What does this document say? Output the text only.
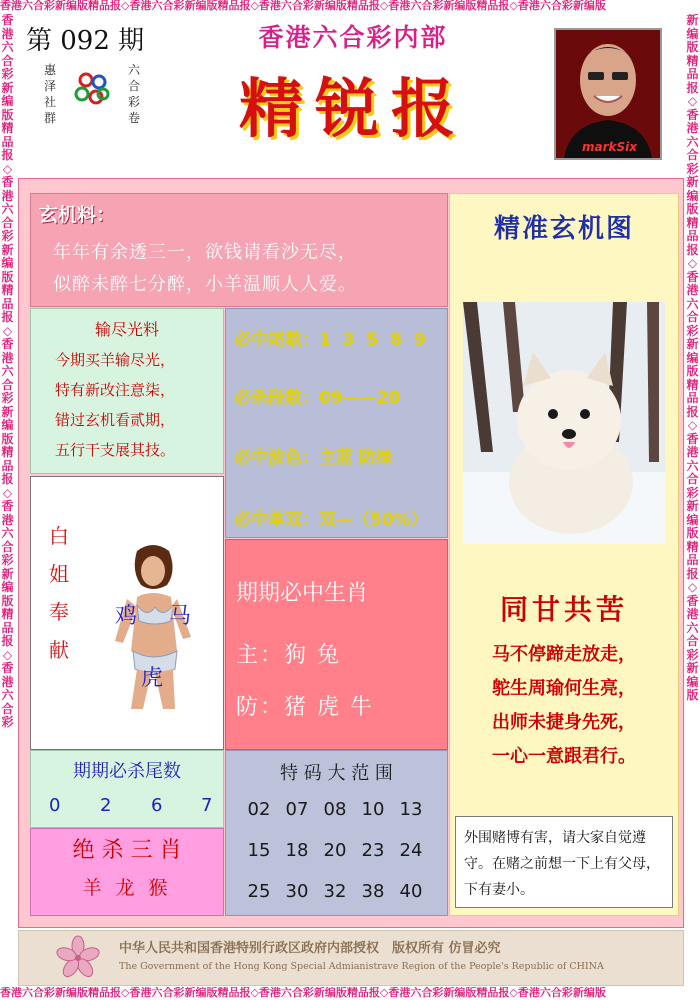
香港六合彩新编版精品报◇香港六合彩新编版精品报◇香港六合彩新编版精品报◇香港六合彩新编版精品报◇香港六合彩新编版
香港六合彩新编版精品报◇香港六合彩新编版精品报◇香港六合彩新编版精品报◇香港六合彩新编版精品报◇香港六合彩新编版
香港六合彩新编版精品报◇香港六合彩新编版精品报◇香港六合彩新编版精品报◇香港六合彩新编版精品报◇香港六合彩
新编版精品报◇香港六合彩新编版精品报◇香港六合彩新编版精品报◇香港六合彩新编版精品报◇香港六合彩新编版
第 092 期
惠泽社群
六合彩卷
香港六合彩内部
精锐报	markSix
玄机料：
年年有余透三一，欲钱请看沙无尽，
似醉未醉七分醉，小羊温顺人人爱。
输尽光料
今期买羊输尽光，
特有新改注意柒，
错过玄机看贰期，
五行干支展其技。
必中尾数：1 3 5 8 9
必杀段数：09——20
必中波色：主蓝 防绿
必中单双：双—（50%）
白姐奉献
鸡 马
虎
期期必中生肖
主：狗 兔
防：猪 虎 牛
期期必杀尾数
0 2 6 7
绝 杀 三 肖
羊 龙 猴
特 码 大 范 围
02 07 08 10 13
15 18 20 23 24
25 30 32 38 40
精准玄机图
同甘共苦
马不停蹄走放走，
鸵生周瑜何生亮，
出师未捷身先死，
一心一意跟君行。
外围赌博有害，请大家自觉遵守。在赌之前想一下上有父母，下有妻小。
中华人民共和国香港特别行政区政府内部授权　版权所有 仿冒必究
The Government of the Hong Kong Special Admianistrave Region of the People's Republic of CHINA
